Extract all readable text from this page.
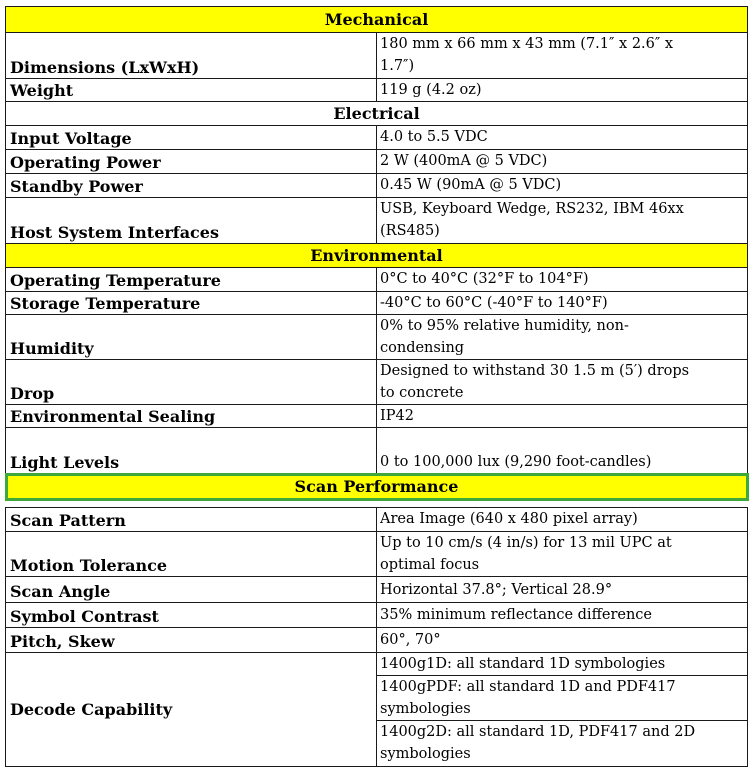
Mechanical	
Dimensions (LxWxH)	180 mm x 66 mm x 43 mm (7.1″ x 2.6″ x
1.7″)
Weight	119 g (4.2 oz)
Electrical	
Input Voltage	4.0 to 5.5 VDC
Operating Power	2 W (400mA @ 5 VDC)
Standby Power	0.45 W (90mA @ 5 VDC)
Host System Interfaces	USB, Keyboard Wedge, RS232, IBM 46xx
(RS485)
Environmental	
Operating Temperature	0°C to 40°C (32°F to 104°F)
Storage Temperature	-40°C to 60°C (-40°F to 140°F)
Humidity	0% to 95% relative humidity, non-
condensing
Drop	Designed to withstand 30 1.5 m (5′) drops
to concrete
Environmental Sealing	IP42
Light Levels	0 to 100,000 lux (9,290 foot-candles)
Scan Performance	

Scan Pattern	Area Image (640 x 480 pixel array)
Motion Tolerance	Up to 10 cm/s (4 in/s) for 13 mil UPC at
optimal focus
Scan Angle	Horizontal 37.8°; Vertical 28.9°
Symbol Contrast	35% minimum reflectance difference
Pitch, Skew	60°, 70°
Decode Capability	1400g1D: all standard 1D symbologies
1400gPDF: all standard 1D and PDF417
symbologies
1400g2D: all standard 1D, PDF417 and 2D
symbologies
